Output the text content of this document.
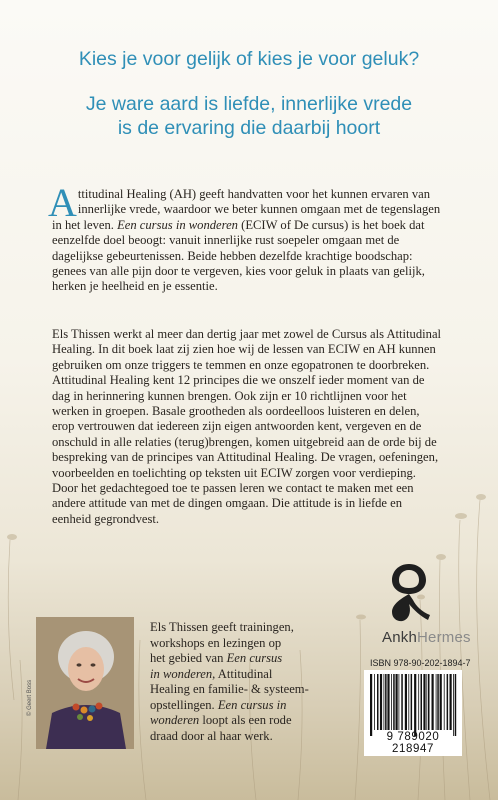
Kies je voor gelijk of kies je voor geluk?
Je ware aard is liefde, innerlijke vrede
is de ervaring die daarbij hoort
A ttitudinal Healing (AH) geeft handvatten voor het kunnen ervaren van
innerlijke vrede, waardoor we beter kunnen omgaan met de tegenslagen
in het leven. Een cursus in wonderen (ECIW of De cursus) is het boek dat
eenzelfde doel beoogt: vanuit innerlijke rust soepeler omgaan met de
dagelijkse gebeurtenissen. Beide hebben dezelfde krachtige boodschap:
genees van alle pijn door te vergeven, kies voor geluk in plaats van gelijk,
herken je heelheid en je essentie.
Els Thissen werkt al meer dan dertig jaar met zowel de Cursus als Attitudinal
Healing. In dit boek laat zij zien hoe wij de lessen van ECIW en AH kunnen
gebruiken om onze triggers te temmen en onze egopatronen te doorbreken.
Attitudinal Healing kent 12 principes die we onszelf ieder moment van de
dag in herinnering kunnen brengen. Ook zijn er 10 richtlijnen voor het
werken in groepen. Basale grootheden als oordeelloos luisteren en delen,
erop vertrouwen dat iedereen zijn eigen antwoorden kent, vergeven en de
onschuld in alle relaties (terug)brengen, komen uitgebreid aan de orde bij de
bespreking van de principes van Attitudinal Healing. De vragen, oefeningen,
voorbeelden en toelichting op teksten uit ECIW zorgen voor verdieping.
Door het gedachtegoed toe te passen leren we contact te maken met een
andere attitude van met de dingen omgaan. Die attitude is in liefde en
eenheid gegrondvest.
AnkhHermes
© Geert Boss
Els Thissen geeft trainingen,
workshops en lezingen op
het gebied van Een cursus
in wonderen, Attitudinal
Healing en familie- & systeem-
opstellingen. Een cursus in
wonderen loopt als een rode
draad door al haar werk.
ISBN 978-90-202-1894-7
9 789020 218947
